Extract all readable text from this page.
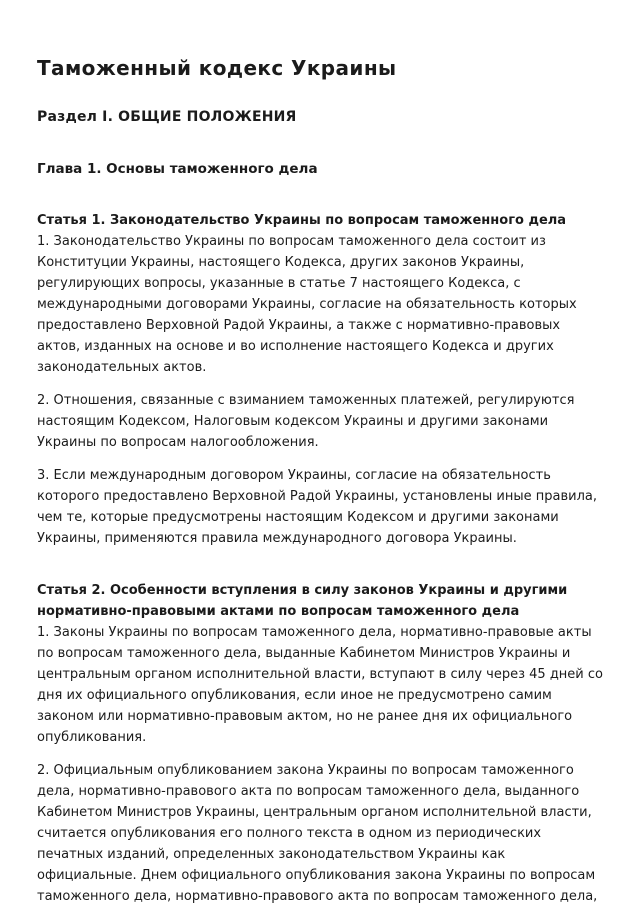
Таможенный кодекс Украины
Раздел I. ОБЩИЕ ПОЛОЖЕНИЯ
Глава 1. Основы таможенного дела
Статья 1. Законодательство Украины по вопросам таможенного дела

1. Законодательство Украины по вопросам таможенного дела состоит из Конституции Украины, настоящего Кодекса, других законов Украины, регулирующих вопросы, указанные в статье 7 настоящего Кодекса, с международными договорами Украины, согласие на обязательность которых предоставлено Верховной Радой Украины, а также с нормативно-правовых актов, изданных на основе и во исполнение настоящего Кодекса и других законодательных актов.

2. Отношения, связанные с взиманием таможенных платежей, регулируются настоящим Кодексом, Налоговым кодексом Украины и другими законами Украины по вопросам налогообложения.

3. Если международным договором Украины, согласие на обязательность которого предоставлено Верховной Радой Украины, установлены иные правила, чем те, которые предусмотрены настоящим Кодексом и другими законами Украины, применяются правила международного договора Украины.

Статья 2. Особенности вступления в силу законов Украины и другими нормативно-правовыми актами по вопросам таможенного дела

1. Законы Украины по вопросам таможенного дела, нормативно-правовые акты по вопросам таможенного дела, выданные Кабинетом Министров Украины и центральным органом исполнительной власти, вступают в силу через 45 дней со дня их официального опубликования, если иное не предусмотрено самим законом или нормативно-правовым актом, но не ранее дня их официального опубликования.

2. Официальным опубликованием закона Украины по вопросам таможенного дела, нормативно-правового акта по вопросам таможенного дела, выданного Кабинетом Министров Украины, центральным органом исполнительной власти, считается опубликования его полного текста в одном из периодических печатных изданий, определенных законодательством Украины как официальные. Днем официального опубликования закона Украины по вопросам таможенного дела, нормативно-правового акта по вопросам таможенного дела,
